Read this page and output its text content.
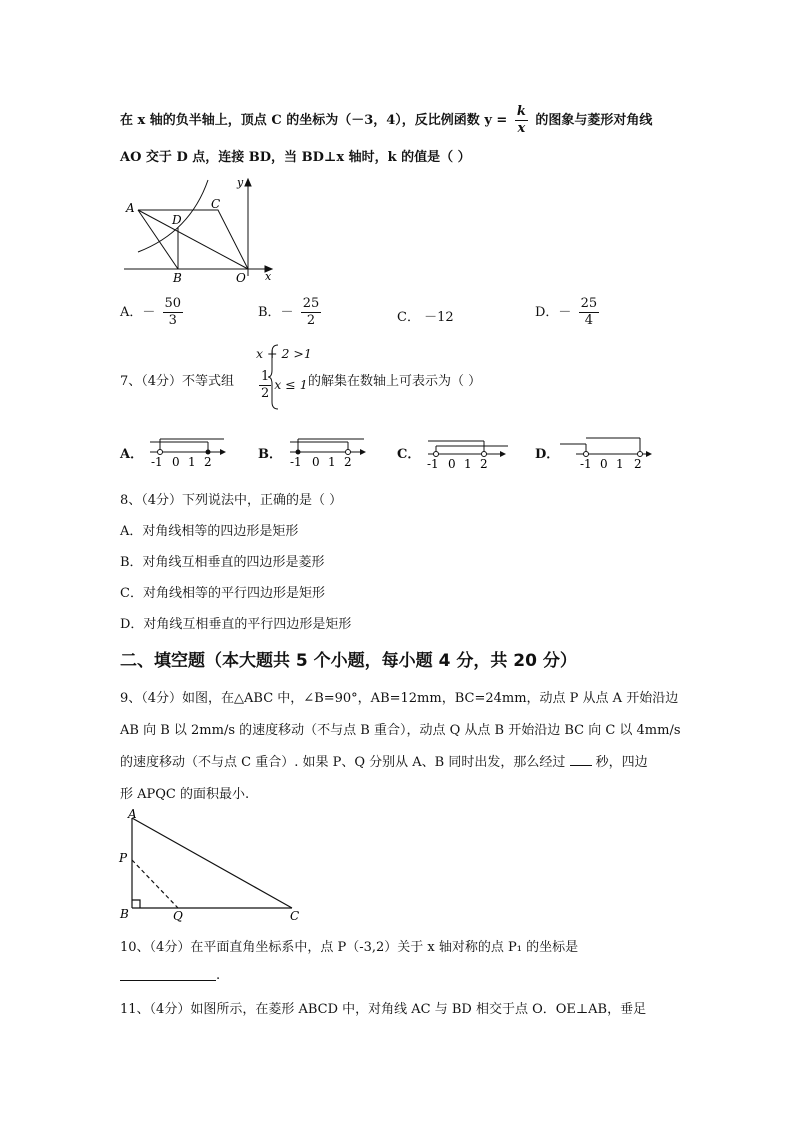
在 x 轴的负半轴上，顶点 C 的坐标为（－3，4），反比例函数 $y = \frac{k}{x}$ 的图象与菱形对角线
AO 交于 D 点，连接 BD，当 BD⊥x 轴时，k 的值是（ ）
A
B
C
D
O x
y
A．－ $\frac{50}{3}$	B．－ $\frac{25}{2}$	C． －12	D．－ $\frac{25}{4}$
7、（4分）不等式组
x + 2 >1
$\frac{1}{2}$ x ≤ 1 的解集在数轴上可表示为（ ）
A． -1 0 1 2	B． -1 0 1 2	C．
-1 0 1 2
D．
-1 0 1 2
8、（4分）下列说法中，正确的是（ ）
A．对角线相等的四边形是矩形
B．对角线互相垂直的四边形是菱形
C．对角线相等的平行四边形是矩形
D．对角线互相垂直的平行四边形是矩形
二、填空题（本大题共 5 个小题，每小题 4 分，共 20 分）
9、（4分）如图，在△ABC 中，∠B=90°，AB=12mm，BC=24mm，动点 P 从点 A 开始沿边
AB 向 B 以 2mm/s 的速度移动（不与点 B 重合），动点 Q 从点 B 开始沿边 BC 向 C 以 4mm/s
的速度移动（不与点 C 重合）. 如果 P、Q 分别从 A、B 同时出发，那么经过 秒，四边
形 APQC 的面积最小.
A
B	C
P
Q
10、（4分）在平面直角坐标系中，点 P（-3,2）关于 x 轴对称的点 P₁ 的坐标是
.
11、（4分）如图所示，在菱形 ABCD 中，对角线 AC 与 BD 相交于点 O．OE⊥AB，垂足
